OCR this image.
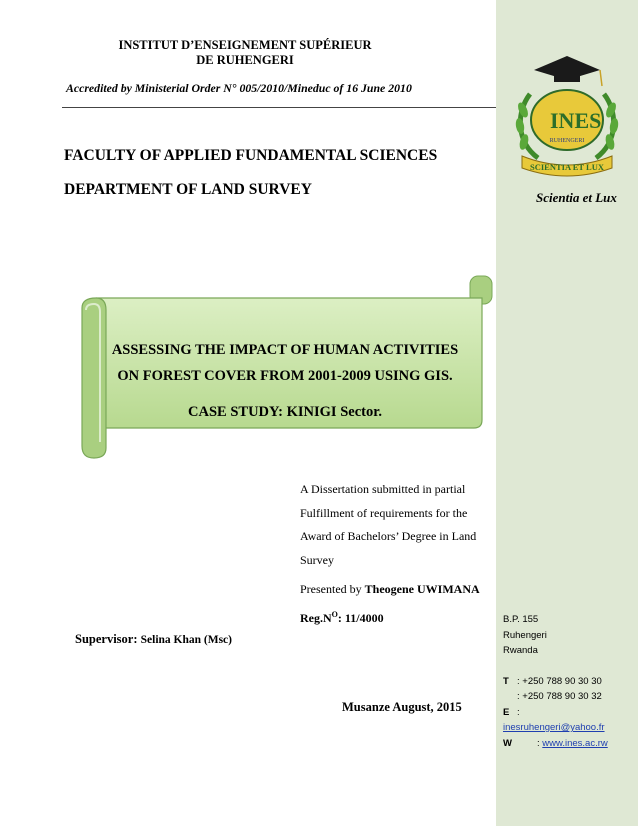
INSTITUT D’ENSEIGNEMENT SUPÉRIEUR
DE RUHENGERI
Accredited by Ministerial Order N° 005/2010/Mineduc of 16 June 2010
INES
RUHENGERI
SCIENTIA ET LUX
FACULTY OF APPLIED FUNDAMENTAL SCIENCES
DEPARTMENT OF LAND SURVEY	Scientia et Lux
ASSESSING THE IMPACT OF HUMAN ACTIVITIES
ON FOREST COVER FROM 2001-2009 USING GIS.
CASE STUDY: KINIGI Sector.
A Dissertation submitted in partial
Fulfillment of requirements for the
Award of Bachelors’ Degree in Land
Survey
Presented by Theogene UWIMANA
$Reg.N^O$: 11/4000
Supervisor: Selina Khan (Msc)
Musanze August, 2015
B.P. 155
Ruhengeri
Rwanda
T : +250 788 90 30 30
: +250 788 90 30 32
E :
inesruhengeri@yahoo.fr
W	: www.ines.ac.rw
